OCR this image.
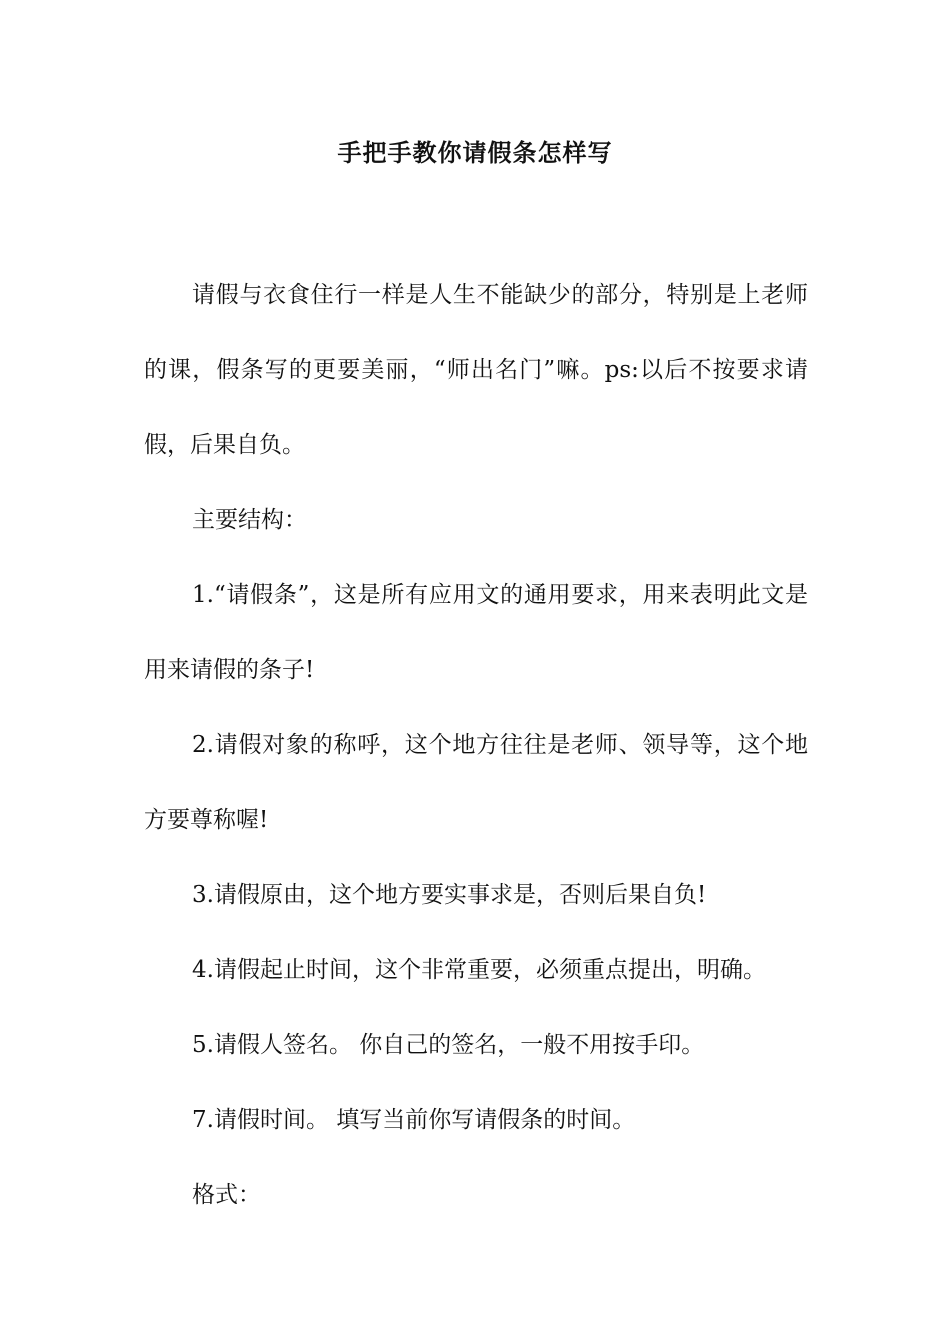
手把手教你请假条怎样写

请假与衣食住行一样是人生不能缺少的部分，特别是上老师的课，假条写的更要美丽，“师出名门”嘛。ps:以后不按要求请假，后果自负。

主要结构：

1.“请假条”，这是所有应用文的通用要求，用来表明此文是用来请假的条子!

2.请假对象的称呼，这个地方往往是老师、领导等，这个地方要尊称喔!

3.请假原由，这个地方要实事求是，否则后果自负!

4.请假起止时间，这个非常重要，必须重点提出，明确。

5.请假人签名。 你自己的签名，一般不用按手印。

7.请假时间。 填写当前你写请假条的时间。

格式：
